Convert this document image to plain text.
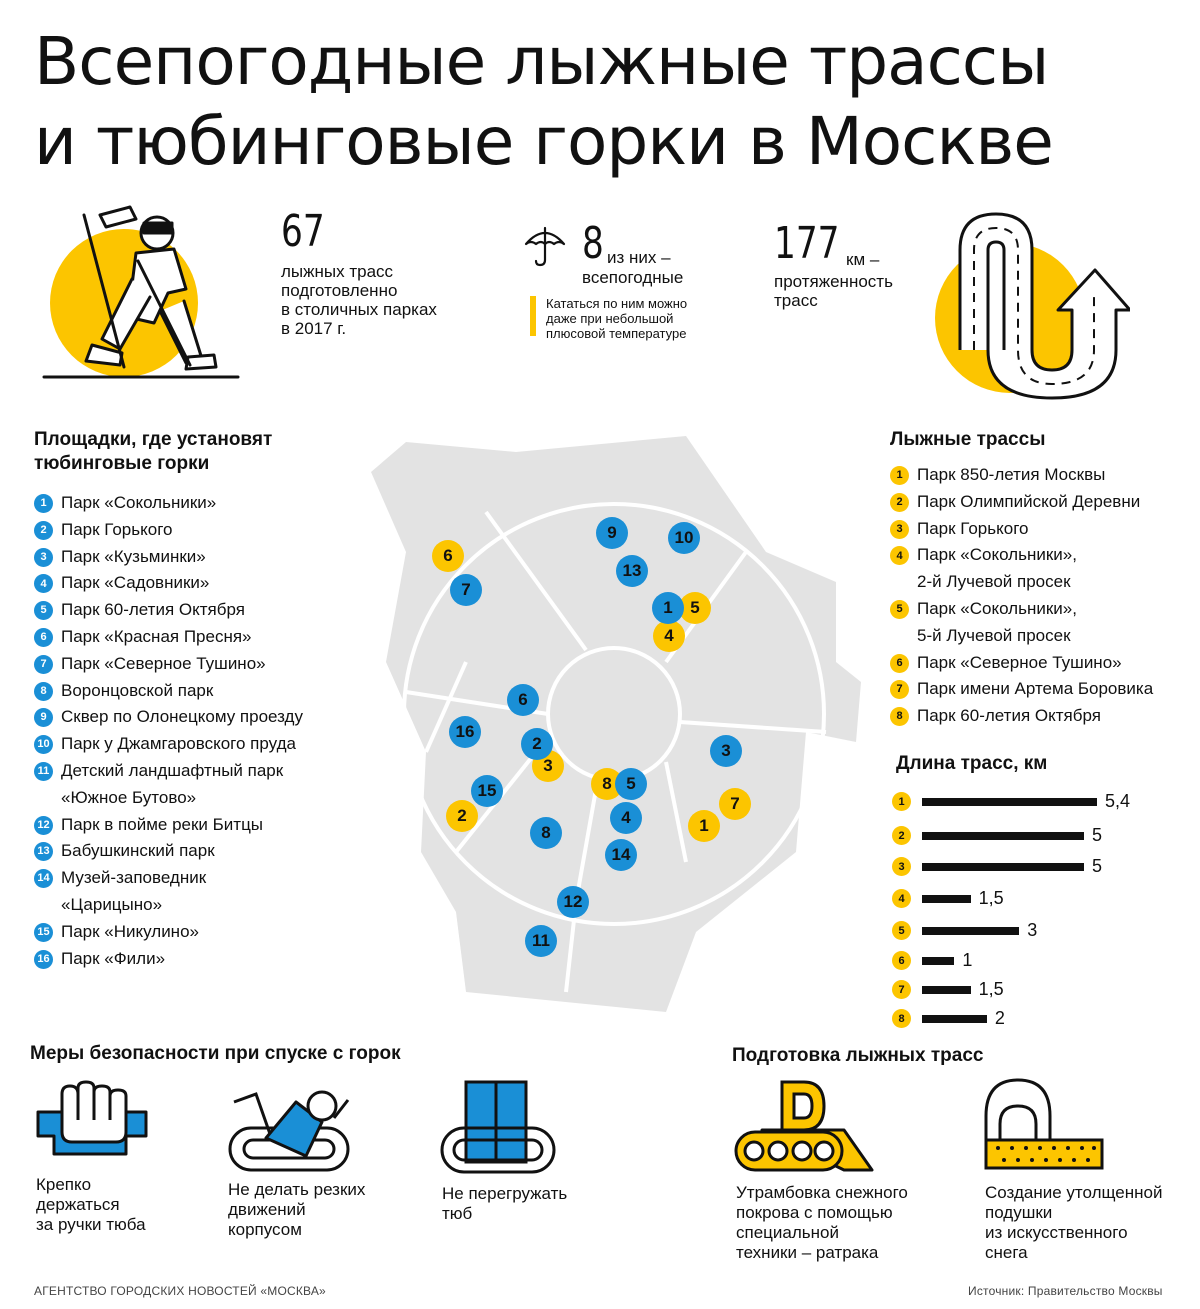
Всепогодные лыжные трассы
и тюбинговые горки в Москве
67
лыжных трасс
подготовленно
в столичных парках
в 2017 г.
8 из них –
всепогодные
Кататься по ним можно
даже при небольшой
плюсовой температуре
177 км –
протяженность
трасс
Площадки, где установят
тюбинговые горки
1 Парк «Сокольники»
2 Парк Горького
3 Парк «Кузьминки»
4 Парк «Садовники»
5 Парк 60-летия Октября
6 Парк «Красная Пресня»
7 Парк «Северное Тушино»
8 Воронцовской парк
9 Сквер по Олонецкому проезду
10 Парк у Джамгаровского пруда
11 Детский ландшафтный парк
«Южное Бутово»
12 Парк в пойме реки Битцы
13 Бабушкинский парк
14 Музей-заповедник
«Царицыно»
15 Парк «Никулино»
16 Парк «Фили»
Лыжные трассы
1 Парк 850-летия Москвы
2 Парк Олимпийской Деревни
3 Парк Горького
4 Парк «Сокольники»,
2-й Лучевой просек
5 Парк «Сокольники»,
5-й Лучевой просек
6 Парк «Северное Тушино»
7 Парк имени Артема Боровика
8 Парк 60-летия Октября
1
2
3
4
5
6
7
8
1
2	3
4
5
6
7
8
9	10
11
12
13
14
15
16
Длина трасс, км
1	5,4
2	5
3	5
4	1,5
5	3
6	1
7	1,5
8	2
Меры безопасности при спуске с горок
Крепко
держаться
за ручки тюба
Не делать резких
движений
корпусом
Не перегружать
тюб
Подготовка лыжных трасс
Утрамбовка снежного
покрова с помощью
специальной
техники – ратрака
Создание утолщенной
подушки
из искусственного
снега
АГЕНТСТВО ГОРОДСКИХ НОВОСТЕЙ «МОСКВА»	Источник: Правительство Москвы
